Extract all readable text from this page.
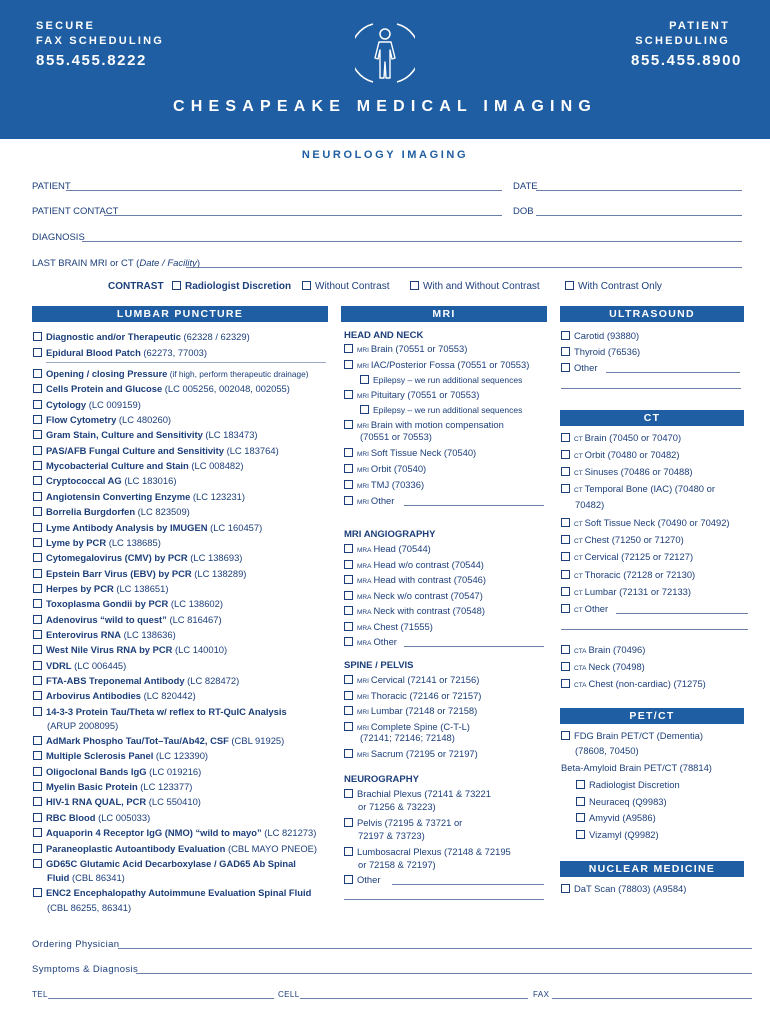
SECURE
FAX SCHEDULING
855.455.8222
PATIENT
SCHEDULING
855.455.8900
CHESAPEAKE MEDICAL IMAGING
NEUROLOGY IMAGING
PATIENT	DATE
PATIENT CONTACT	DOB
DIAGNOSIS
LAST BRAIN MRI or CT (Date / Facility)
CONTRAST	Radiologist Discretion	Without Contrast	With and Without Contrast	With Contrast Only
LUMBAR PUNCTURE	MRI	ULTRASOUND
Diagnostic and/or Therapeutic (62328 / 62329)
Epidural Blood Patch (62273, 77003)
Opening / closing Pressure (if high, perform therapeutic drainage)
Cells Protein and Glucose (LC 005256, 002048, 002055)
Cytology (LC 009159)
Flow Cytometry (LC 480260)
Gram Stain, Culture and Sensitivity (LC 183473)
PAS/AFB Fungal Culture and Sensitivity (LC 183764)
Mycobacterial Culture and Stain (LC 008482)
Cryptococcal AG (LC 183016)
Angiotensin Converting Enzyme (LC 123231)
Borrelia Burgdorfen (LC 823509)
Lyme Antibody Analysis by IMUGEN (LC 160457)
Lyme by PCR (LC 138685)
Cytomegalovirus (CMV) by PCR (LC 138693)
Epstein Barr Virus (EBV) by PCR (LC 138289)
Herpes by PCR (LC 138651)
Toxoplasma Gondii by PCR (LC 138602)
Adenovirus “wild to quest” (LC 816467)
Enterovirus RNA (LC 138636)
West Nile Virus RNA by PCR (LC 140010)
VDRL (LC 006445)
FTA-ABS Treponemal Antibody (LC 828472)
Arbovirus Antibodies (LC 820442)
14-3-3 Protein Tau/Theta w/ reflex to RT-QuIC Analysis
(ARUP 2008095)
AdMark Phospho Tau/Tot–Tau/Ab42, CSF (CBL 91925)
Multiple Sclerosis Panel (LC 123390)
Oligoclonal Bands IgG (LC 019216)
Myelin Basic Protein (LC 123377)
HIV-1 RNA QUAL, PCR (LC 550410)
RBC Blood (LC 005033)
Aquaporin 4 Receptor IgG (NMO) “wild to mayo” (LC 821273)
Paraneoplastic Autoantibody Evaluation (CBL MAYO PNEOE)
GD65C Glutamic Acid Decarboxylase / GAD65 Ab Spinal
Fluid (CBL 86341)
ENC2 Encephalopathy Autoimmune Evaluation Spinal Fluid
(CBL 86255, 86341)
HEAD AND NECK
MRI Brain (70551 or 70553)
MRI IAC/Posterior Fossa (70551 or 70553)
Epilepsy – we run additional sequences
MRI Pituitary (70551 or 70553)
Epilepsy – we run additional sequences
MRI Brain with motion compensation
(70551 or 70553)
MRI Soft Tissue Neck (70540)
MRI Orbit (70540)
MRI TMJ (70336)
MRI Other
MRI ANGIOGRAPHY
MRA Head (70544)
MRA Head w/o contrast (70544)
MRA Head with contrast (70546)
MRA Neck w/o contrast (70547)
MRA Neck with contrast (70548)
MRA Chest (71555)
MRA Other
SPINE / PELVIS
MRI Cervical (72141 or 72156)
MRI Thoracic (72146 or 72157)
MRI Lumbar (72148 or 72158)
MRI Complete Spine (C-T-L)
(72141; 72146; 72148)
MRI Sacrum (72195 or 72197)
NEUROGRAPHY
Brachial Plexus (72141 & 73221
or 71256 & 73223)
Pelvis (72195 & 73721 or
72197 & 73723)
Lumbosacral Plexus (72148 & 72195
or 72158 & 72197)
Other
Carotid (93880)
Thyroid (76536)
Other
CT
CT Brain (70450 or 70470)
CT Orbit (70480 or 70482)
CT Sinuses (70486 or 70488)
CT Temporal Bone (IAC) (70480 or
70482)
CT Soft Tissue Neck (70490 or 70492)
CT Chest (71250 or 71270)
CT Cervical (72125 or 72127)
CT Thoracic (72128 or 72130)
CT Lumbar (72131 or 72133)
CT Other
CTA Brain (70496)
CTA Neck (70498)
CTA Chest (non-cardiac) (71275)
PET/CT
FDG Brain PET/CT (Dementia)
(78608, 70450)
Beta-Amyloid Brain PET/CT (78814)
Radiologist Discretion
Neuraceq (Q9983)
Amyvid (A9586)
Vizamyl (Q9982)
NUCLEAR MEDICINE
DaT Scan (78803) (A9584)
Ordering Physician
Symptoms & Diagnosis
TEL	CELL	FAX
